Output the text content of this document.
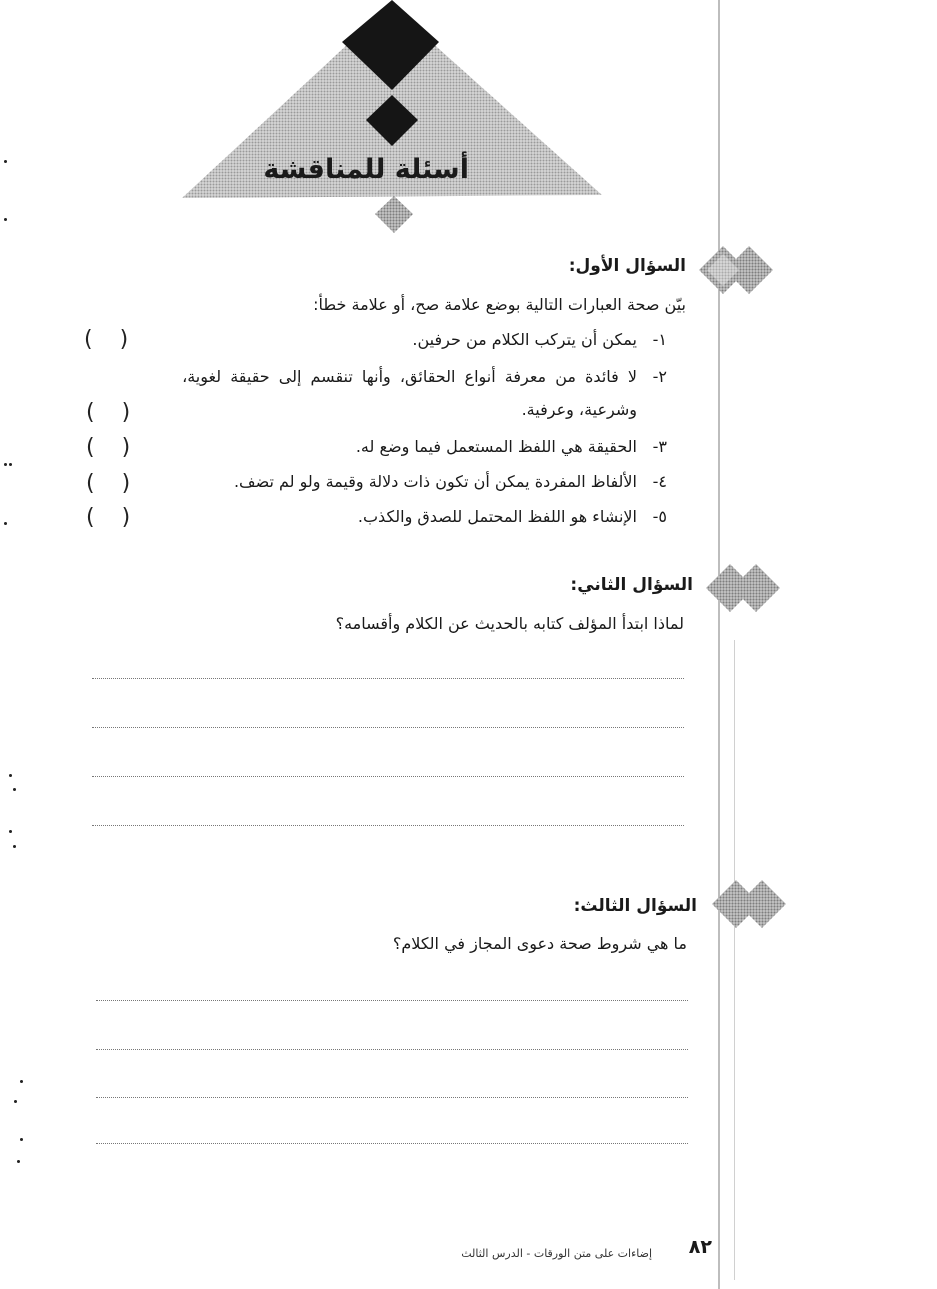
أسئلة للمناقشة
السؤال الأول:
بيّن صحة العبارات التالية بوضع علامة صح، أو علامة خطأ:
١-
يمكن أن يتركب الكلام من حرفين.
( )
٢-
لا فائدة من معرفة أنواع الحقائق، وأنها تنقسم إلى حقيقة لغوية،
وشرعية، وعرفية.
( )
٣-
الحقيقة هي اللفظ المستعمل فيما وضع له.
( )
٤-
الألفاظ المفردة يمكن أن تكون ذات دلالة وقيمة ولو لم تضف.
( )
٥-
الإنشاء هو اللفظ المحتمل للصدق والكذب.
( )
السؤال الثاني:
لماذا ابتدأ المؤلف كتابه بالحديث عن الكلام وأقسامه؟
السؤال الثالث:
ما هي شروط صحة دعوى المجاز في الكلام؟
٨٢
إضاءات على متن الورقات - الدرس الثالث
